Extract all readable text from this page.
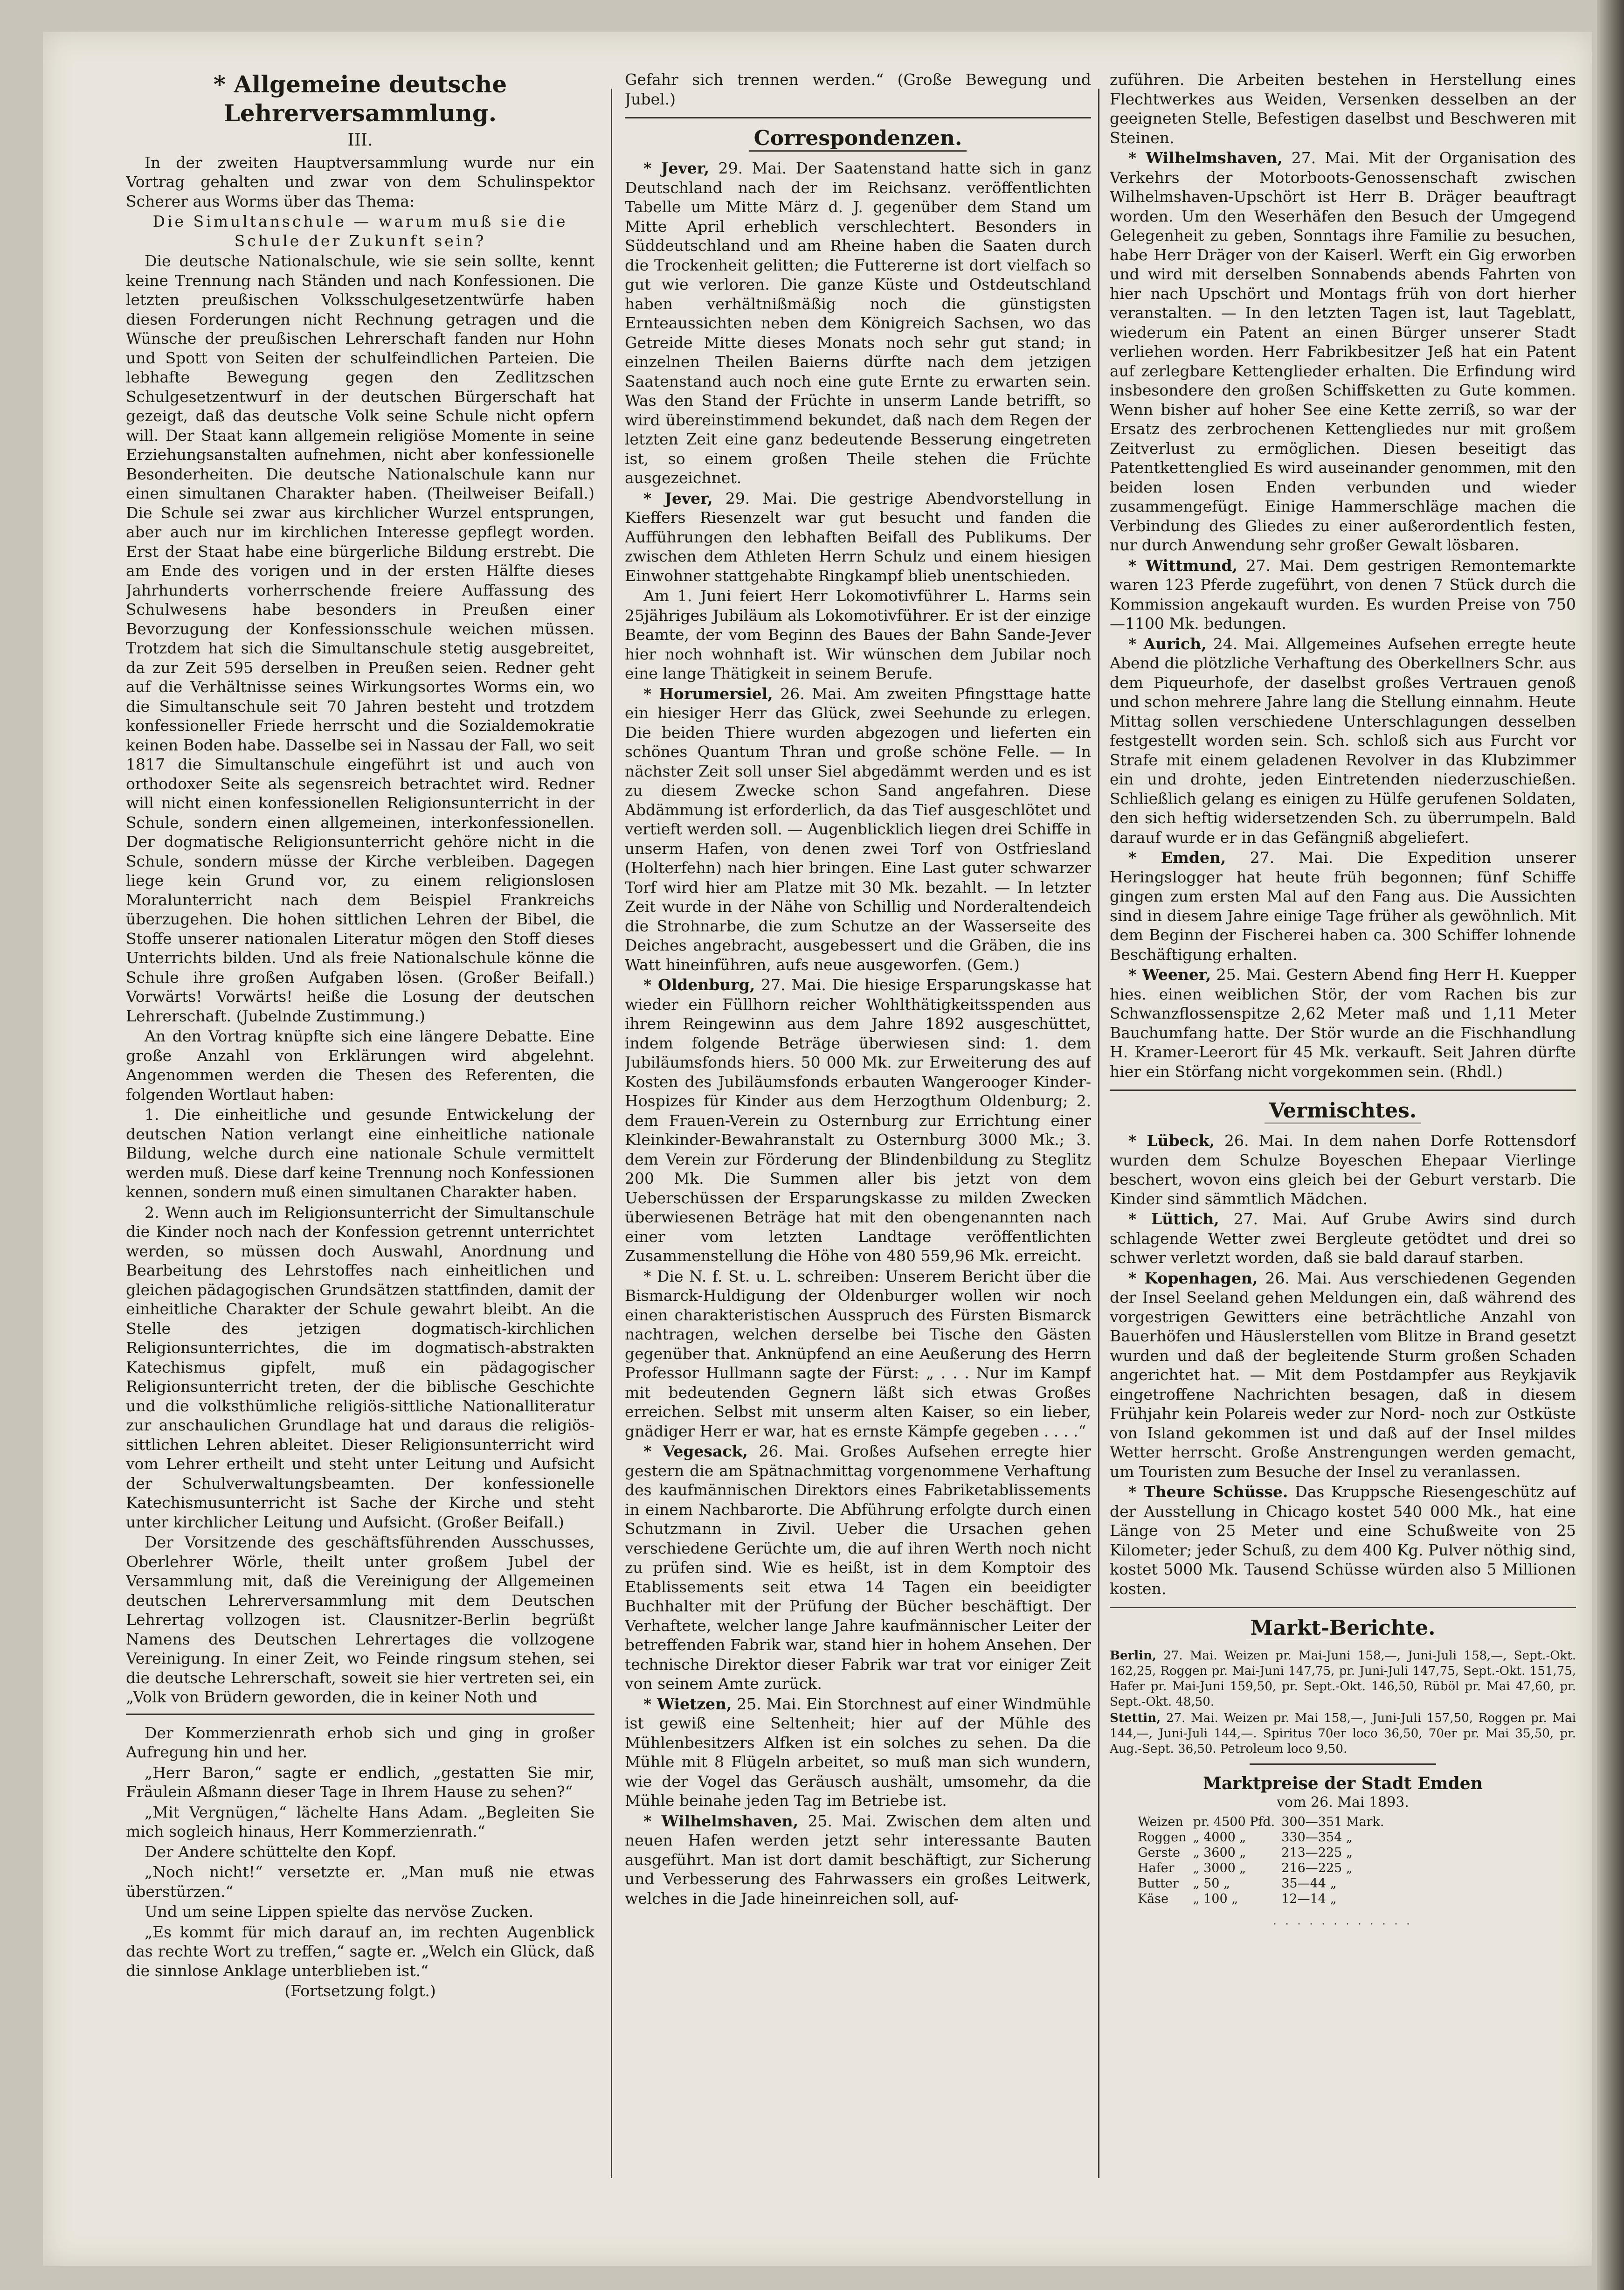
* Allgemeine deutsche Lehrerversammlung.
III.

In der zweiten Hauptversammlung wurde nur ein Vortrag gehalten und zwar von dem Schulinspektor Scherer aus Worms über das Thema:

Die Simultanschule — warum muß sie die Schule der Zukunft sein?

Die deutsche Nationalschule, wie sie sein sollte, kennt keine Trennung nach Ständen und nach Konfessionen. Die letzten preußischen Volksschulgesetzentwürfe haben diesen Forderungen nicht Rechnung getragen und die Wünsche der preußischen Lehrerschaft fanden nur Hohn und Spott von Seiten der schulfeindlichen Parteien. Die lebhafte Bewegung gegen den Zedlitzschen Schulgesetzentwurf in der deutschen Bürgerschaft hat gezeigt, daß das deutsche Volk seine Schule nicht opfern will. Der Staat kann allgemein religiöse Momente in seine Erziehungsanstalten aufnehmen, nicht aber konfessionelle Besonderheiten. Die deutsche Nationalschule kann nur einen simultanen Charakter haben. (Theilweiser Beifall.) Die Schule sei zwar aus kirchlicher Wurzel entsprungen, aber auch nur im kirchlichen Interesse gepflegt worden. Erst der Staat habe eine bürgerliche Bildung erstrebt. Die am Ende des vorigen und in der ersten Hälfte dieses Jahrhunderts vorherrschende freiere Auffassung des Schulwesens habe besonders in Preußen einer Bevorzugung der Konfessionsschule weichen müssen. Trotzdem hat sich die Simultanschule stetig ausgebreitet, da zur Zeit 595 derselben in Preußen seien. Redner geht auf die Verhältnisse seines Wirkungsortes Worms ein, wo die Simultanschule seit 70 Jahren besteht und trotzdem konfessioneller Friede herrscht und die Sozialdemokratie keinen Boden habe. Dasselbe sei in Nassau der Fall, wo seit 1817 die Simultanschule eingeführt ist und auch von orthodoxer Seite als segensreich betrachtet wird. Redner will nicht einen konfessionellen Religionsunterricht in der Schule, sondern einen allgemeinen, interkonfessionellen. Der dogmatische Religionsunterricht gehöre nicht in die Schule, sondern müsse der Kirche verbleiben. Dagegen liege kein Grund vor, zu einem religionslosen Moralunterricht nach dem Beispiel Frankreichs überzugehen. Die hohen sittlichen Lehren der Bibel, die Stoffe unserer nationalen Literatur mögen den Stoff dieses Unterrichts bilden. Und als freie Nationalschule könne die Schule ihre großen Aufgaben lösen. (Großer Beifall.) Vorwärts! Vorwärts! heiße die Losung der deutschen Lehrerschaft. (Jubelnde Zustimmung.)

An den Vortrag knüpfte sich eine längere Debatte. Eine große Anzahl von Erklärungen wird abgelehnt. Angenommen werden die Thesen des Referenten, die folgenden Wortlaut haben:

1. Die einheitliche und gesunde Entwickelung der deutschen Nation verlangt eine einheitliche nationale Bildung, welche durch eine nationale Schule vermittelt werden muß. Diese darf keine Trennung noch Konfessionen kennen, sondern muß einen simultanen Charakter haben.

2. Wenn auch im Religionsunterricht der Simultanschule die Kinder noch nach der Konfession getrennt unterrichtet werden, so müssen doch Auswahl, Anordnung und Bearbeitung des Lehrstoffes nach einheitlichen und gleichen pädagogischen Grundsätzen stattfinden, damit der einheitliche Charakter der Schule gewahrt bleibt. An die Stelle des jetzigen dogmatisch-kirchlichen Religionsunterrichtes, die im dogmatisch-abstrakten Katechismus gipfelt, muß ein pädagogischer Religionsunterricht treten, der die biblische Geschichte und die volksthümliche religiös-sittliche Nationalliteratur zur anschaulichen Grundlage hat und daraus die religiös-sittlichen Lehren ableitet. Dieser Religionsunterricht wird vom Lehrer ertheilt und steht unter Leitung und Aufsicht der Schulverwaltungsbeamten. Der konfessionelle Katechismusunterricht ist Sache der Kirche und steht unter kirchlicher Leitung und Aufsicht. (Großer Beifall.)

Der Vorsitzende des geschäftsführenden Ausschusses, Oberlehrer Wörle, theilt unter großem Jubel der Versammlung mit, daß die Vereinigung der Allgemeinen deutschen Lehrerversammlung mit dem Deutschen Lehrertag vollzogen ist. Clausnitzer-Berlin begrüßt Namens des Deutschen Lehrertages die vollzogene Vereinigung. In einer Zeit, wo Feinde ringsum stehen, sei die deutsche Lehrerschaft, soweit sie hier vertreten sei, ein „Volk von Brüdern geworden, die in keiner Noth und

Der Kommerzienrath erhob sich und ging in großer Aufregung hin und her.

„Herr Baron,“ sagte er endlich, „gestatten Sie mir, Fräulein Aßmann dieser Tage in Ihrem Hause zu sehen?“

„Mit Vergnügen,“ lächelte Hans Adam. „Begleiten Sie mich sogleich hinaus, Herr Kommerzienrath.“

Der Andere schüttelte den Kopf.

„Noch nicht!“ versetzte er. „Man muß nie etwas überstürzen.“

Und um seine Lippen spielte das nervöse Zucken.

„Es kommt für mich darauf an, im rechten Augenblick das rechte Wort zu treffen,“ sagte er. „Welch ein Glück, daß die sinnlose Anklage unterblieben ist.“

(Fortsetzung folgt.)

Gefahr sich trennen werden.“ (Große Bewegung und Jubel.)

Correspondenzen.

* Jever, 29. Mai. Der Saatenstand hatte sich in ganz Deutschland nach der im Reichsanz. veröffentlichten Tabelle um Mitte März d. J. gegenüber dem Stand um Mitte April erheblich verschlechtert. Besonders in Süddeutschland und am Rheine haben die Saaten durch die Trockenheit gelitten; die Futtererne ist dort vielfach so gut wie verloren. Die ganze Küste und Ostdeutschland haben verhältnißmäßig noch die günstigsten Ernteaussichten neben dem Königreich Sachsen, wo das Getreide Mitte dieses Monats noch sehr gut stand; in einzelnen Theilen Baierns dürfte nach dem jetzigen Saatenstand auch noch eine gute Ernte zu erwarten sein. Was den Stand der Früchte in unserm Lande betrifft, so wird übereinstimmend bekundet, daß nach dem Regen der letzten Zeit eine ganz bedeutende Besserung eingetreten ist, so einem großen Theile stehen die Früchte ausgezeichnet.

* Jever, 29. Mai. Die gestrige Abendvorstellung in Kieffers Riesenzelt war gut besucht und fanden die Aufführungen den lebhaften Beifall des Publikums. Der zwischen dem Athleten Herrn Schulz und einem hiesigen Einwohner stattgehabte Ringkampf blieb unentschieden.

Am 1. Juni feiert Herr Lokomotivführer L. Harms sein 25jähriges Jubiläum als Lokomotivführer. Er ist der einzige Beamte, der vom Beginn des Baues der Bahn Sande-Jever hier noch wohnhaft ist. Wir wünschen dem Jubilar noch eine lange Thätigkeit in seinem Berufe.

* Horumersiel, 26. Mai. Am zweiten Pfingsttage hatte ein hiesiger Herr das Glück, zwei Seehunde zu erlegen. Die beiden Thiere wurden abgezogen und lieferten ein schönes Quantum Thran und große schöne Felle. — In nächster Zeit soll unser Siel abgedämmt werden und es ist zu diesem Zwecke schon Sand angefahren. Diese Abdämmung ist erforderlich, da das Tief ausgeschlötet und vertieft werden soll. — Augenblicklich liegen drei Schiffe in unserm Hafen, von denen zwei Torf von Ostfriesland (Holterfehn) nach hier bringen. Eine Last guter schwarzer Torf wird hier am Platze mit 30 Mk. bezahlt. — In letzter Zeit wurde in der Nähe von Schillig und Norderaltendeich die Strohnarbe, die zum Schutze an der Wasserseite des Deiches angebracht, ausgebessert und die Gräben, die ins Watt hineinführen, aufs neue ausgeworfen. (Gem.)

* Oldenburg, 27. Mai. Die hiesige Ersparungskasse hat wieder ein Füllhorn reicher Wohlthätigkeitsspenden aus ihrem Reingewinn aus dem Jahre 1892 ausgeschüttet, indem folgende Beträge überwiesen sind: 1. dem Jubiläumsfonds hiers. 50 000 Mk. zur Erweiterung des auf Kosten des Jubiläumsfonds erbauten Wangerooger Kinder-Hospizes für Kinder aus dem Herzogthum Oldenburg; 2. dem Frauen-Verein zu Osternburg zur Errichtung einer Kleinkinder-Bewahranstalt zu Osternburg 3000 Mk.; 3. dem Verein zur Förderung der Blindenbildung zu Steglitz 200 Mk. Die Summen aller bis jetzt von dem Ueberschüssen der Ersparungskasse zu milden Zwecken überwiesenen Beträge hat mit den obengenannten nach einer vom letzten Landtage veröffentlichten Zusammenstellung die Höhe von 480 559,96 Mk. erreicht.

* Die N. f. St. u. L. schreiben: Unserem Bericht über die Bismarck-Huldigung der Oldenburger wollen wir noch einen charakteristischen Ausspruch des Fürsten Bismarck nachtragen, welchen derselbe bei Tische den Gästen gegenüber that. Anknüpfend an eine Aeußerung des Herrn Professor Hullmann sagte der Fürst: „ . . . Nur im Kampf mit bedeutenden Gegnern läßt sich etwas Großes erreichen. Selbst mit unserm alten Kaiser, so ein lieber, gnädiger Herr er war, hat es ernste Kämpfe gegeben . . . .“

* Vegesack, 26. Mai. Großes Aufsehen erregte hier gestern die am Spätnachmittag vorgenommene Verhaftung des kaufmännischen Direktors eines Fabriketablissements in einem Nachbarorte. Die Abführung erfolgte durch einen Schutzmann in Zivil. Ueber die Ursachen gehen verschiedene Gerüchte um, die auf ihren Werth noch nicht zu prüfen sind. Wie es heißt, ist in dem Komptoir des Etablissements seit etwa 14 Tagen ein beeidigter Buchhalter mit der Prüfung der Bücher beschäftigt. Der Verhaftete, welcher lange Jahre kaufmännischer Leiter der betreffenden Fabrik war, stand hier in hohem Ansehen. Der technische Direktor dieser Fabrik war trat vor einiger Zeit von seinem Amte zurück.

* Wietzen, 25. Mai. Ein Storchnest auf einer Windmühle ist gewiß eine Seltenheit; hier auf der Mühle des Mühlenbesitzers Alfken ist ein solches zu sehen. Da die Mühle mit 8 Flügeln arbeitet, so muß man sich wundern, wie der Vogel das Geräusch aushält, umsomehr, da die Mühle beinahe jeden Tag im Betriebe ist.

* Wilhelmshaven, 25. Mai. Zwischen dem alten und neuen Hafen werden jetzt sehr interessante Bauten ausgeführt. Man ist dort damit beschäftigt, zur Sicherung und Verbesserung des Fahrwassers ein großes Leitwerk, welches in die Jade hineinreichen soll, auf-

zuführen. Die Arbeiten bestehen in Herstellung eines Flechtwerkes aus Weiden, Versenken desselben an der geeigneten Stelle, Befestigen daselbst und Beschweren mit Steinen.

* Wilhelmshaven, 27. Mai. Mit der Organisation des Verkehrs der Motorboots-Genossenschaft zwischen Wilhelmshaven-Upschört ist Herr B. Dräger beauftragt worden. Um den Weserhäfen den Besuch der Umgegend Gelegenheit zu geben, Sonntags ihre Familie zu besuchen, habe Herr Dräger von der Kaiserl. Werft ein Gig erworben und wird mit derselben Sonnabends abends Fahrten von hier nach Upschört und Montags früh von dort hierher veranstalten. — In den letzten Tagen ist, laut Tageblatt, wiederum ein Patent an einen Bürger unserer Stadt verliehen worden. Herr Fabrikbesitzer Jeß hat ein Patent auf zerlegbare Kettenglieder erhalten. Die Erfindung wird insbesondere den großen Schiffsketten zu Gute kommen. Wenn bisher auf hoher See eine Kette zerriß, so war der Ersatz des zerbrochenen Kettengliedes nur mit großem Zeitverlust zu ermöglichen. Diesen beseitigt das Patentkettenglied Es wird auseinander genommen, mit den beiden losen Enden verbunden und wieder zusammengefügt. Einige Hammerschläge machen die Verbindung des Gliedes zu einer außerordentlich festen, nur durch Anwendung sehr großer Gewalt lösbaren.

* Wittmund, 27. Mai. Dem gestrigen Remontemarkte waren 123 Pferde zugeführt, von denen 7 Stück durch die Kommission angekauft wurden. Es wurden Preise von 750—1100 Mk. bedungen.

* Aurich, 24. Mai. Allgemeines Aufsehen erregte heute Abend die plötzliche Verhaftung des Oberkellners Schr. aus dem Piqueurhofe, der daselbst großes Vertrauen genoß und schon mehrere Jahre lang die Stellung einnahm. Heute Mittag sollen verschiedene Unterschlagungen desselben festgestellt worden sein. Sch. schloß sich aus Furcht vor Strafe mit einem geladenen Revolver in das Klubzimmer ein und drohte, jeden Eintretenden niederzuschießen. Schließlich gelang es einigen zu Hülfe gerufenen Soldaten, den sich heftig widersetzenden Sch. zu überrumpeln. Bald darauf wurde er in das Gefängniß abgeliefert.

* Emden, 27. Mai. Die Expedition unserer Heringslogger hat heute früh begonnen; fünf Schiffe gingen zum ersten Mal auf den Fang aus. Die Aussichten sind in diesem Jahre einige Tage früher als gewöhnlich. Mit dem Beginn der Fischerei haben ca. 300 Schiffer lohnende Beschäftigung erhalten.

* Weener, 25. Mai. Gestern Abend fing Herr H. Kuepper hies. einen weiblichen Stör, der vom Rachen bis zur Schwanzflossenspitze 2,62 Meter maß und 1,11 Meter Bauchumfang hatte. Der Stör wurde an die Fischhandlung H. Kramer-Leerort für 45 Mk. verkauft. Seit Jahren dürfte hier ein Störfang nicht vorgekommen sein. (Rhdl.)

Vermischtes.

* Lübeck, 26. Mai. In dem nahen Dorfe Rottensdorf wurden dem Schulze Boyeschen Ehepaar Vierlinge beschert, wovon eins gleich bei der Geburt verstarb. Die Kinder sind sämmtlich Mädchen.

* Lüttich, 27. Mai. Auf Grube Awirs sind durch schlagende Wetter zwei Bergleute getödtet und drei so schwer verletzt worden, daß sie bald darauf starben.

* Kopenhagen, 26. Mai. Aus verschiedenen Gegenden der Insel Seeland gehen Meldungen ein, daß während des vorgestrigen Gewitters eine beträchtliche Anzahl von Bauerhöfen und Häuslerstellen vom Blitze in Brand gesetzt wurden und daß der begleitende Sturm großen Schaden angerichtet hat. — Mit dem Postdampfer aus Reykjavik eingetroffene Nachrichten besagen, daß in diesem Frühjahr kein Polareis weder zur Nord- noch zur Ostküste von Island gekommen ist und daß auf der Insel mildes Wetter herrscht. Große Anstrengungen werden gemacht, um Touristen zum Besuche der Insel zu veranlassen.

* Theure Schüsse. Das Kruppsche Riesengeschütz auf der Ausstellung in Chicago kostet 540 000 Mk., hat eine Länge von 25 Meter und eine Schußweite von 25 Kilometer; jeder Schuß, zu dem 400 Kg. Pulver nöthig sind, kostet 5000 Mk. Tausend Schüsse würden also 5 Millionen kosten.

Markt-Berichte.

Berlin, 27. Mai. Weizen pr. Mai-Juni 158,—, Juni-Juli 158,—, Sept.-Okt. 162,25, Roggen pr. Mai-Juni 147,75, pr. Juni-Juli 147,75, Sept.-Okt. 151,75, Hafer pr. Mai-Juni 159,50, pr. Sept.-Okt. 146,50, Rüböl pr. Mai 47,60, pr. Sept.-Okt. 48,50.

Stettin, 27. Mai. Weizen pr. Mai 158,—, Juni-Juli 157,50, Roggen pr. Mai 144,—, Juni-Juli 144,—. Spiritus 70er loco 36,50, 70er pr. Mai 35,50, pr. Aug.-Sept. 36,50. Petroleum loco 9,50.

Marktpreise der Stadt Emden
vom 26. Mai 1893.
Weizen	pr. 4500 Pfd.	300—351 Mark.
Roggen	„ 4000 „	330—354 „
Gerste	„ 3600 „	213—225 „
Hafer	„ 3000 „	216—225 „
Butter	„ 50 „	35—44 „
Käse	„ 100 „	12—14 „
· · · · · · · · · · · ·
